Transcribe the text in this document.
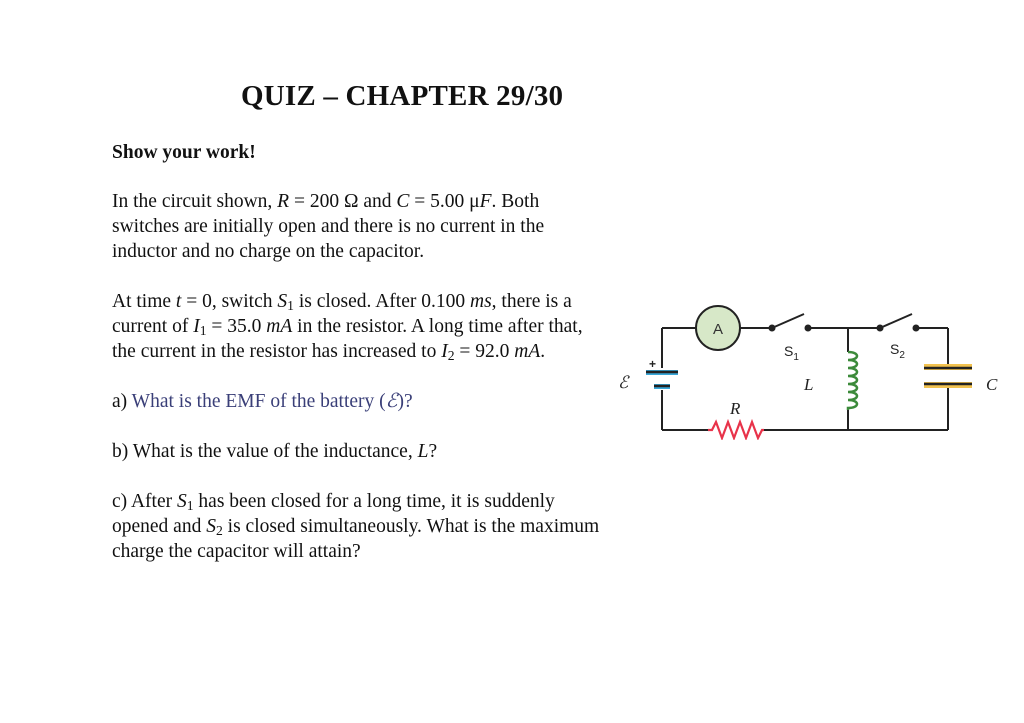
QUIZ – CHAPTER 29/30

Show your work!

In the circuit shown, R = 200 Ω and C = 5.00 μF. Both switches are initially open and there is no current in the inductor and no charge on the capacitor.

At time t = 0, switch $S_1$ is closed. After 0.100 ms, there is a current of $I_1 = 35.0$ mA in the resistor. A long time after that, the current in the resistor has increased to $I_2 = 92.0$ mA.

a) What is the EMF of the battery (ℰ)?

b) What is the value of the inductance, L?

c) After $S_1$ has been closed for a long time, it is suddenly opened and $S_2$ is closed simultaneously. What is the maximum charge the capacitor will attain?

A
$S_1$
$S_2$
L	C
+
ℰ
R
